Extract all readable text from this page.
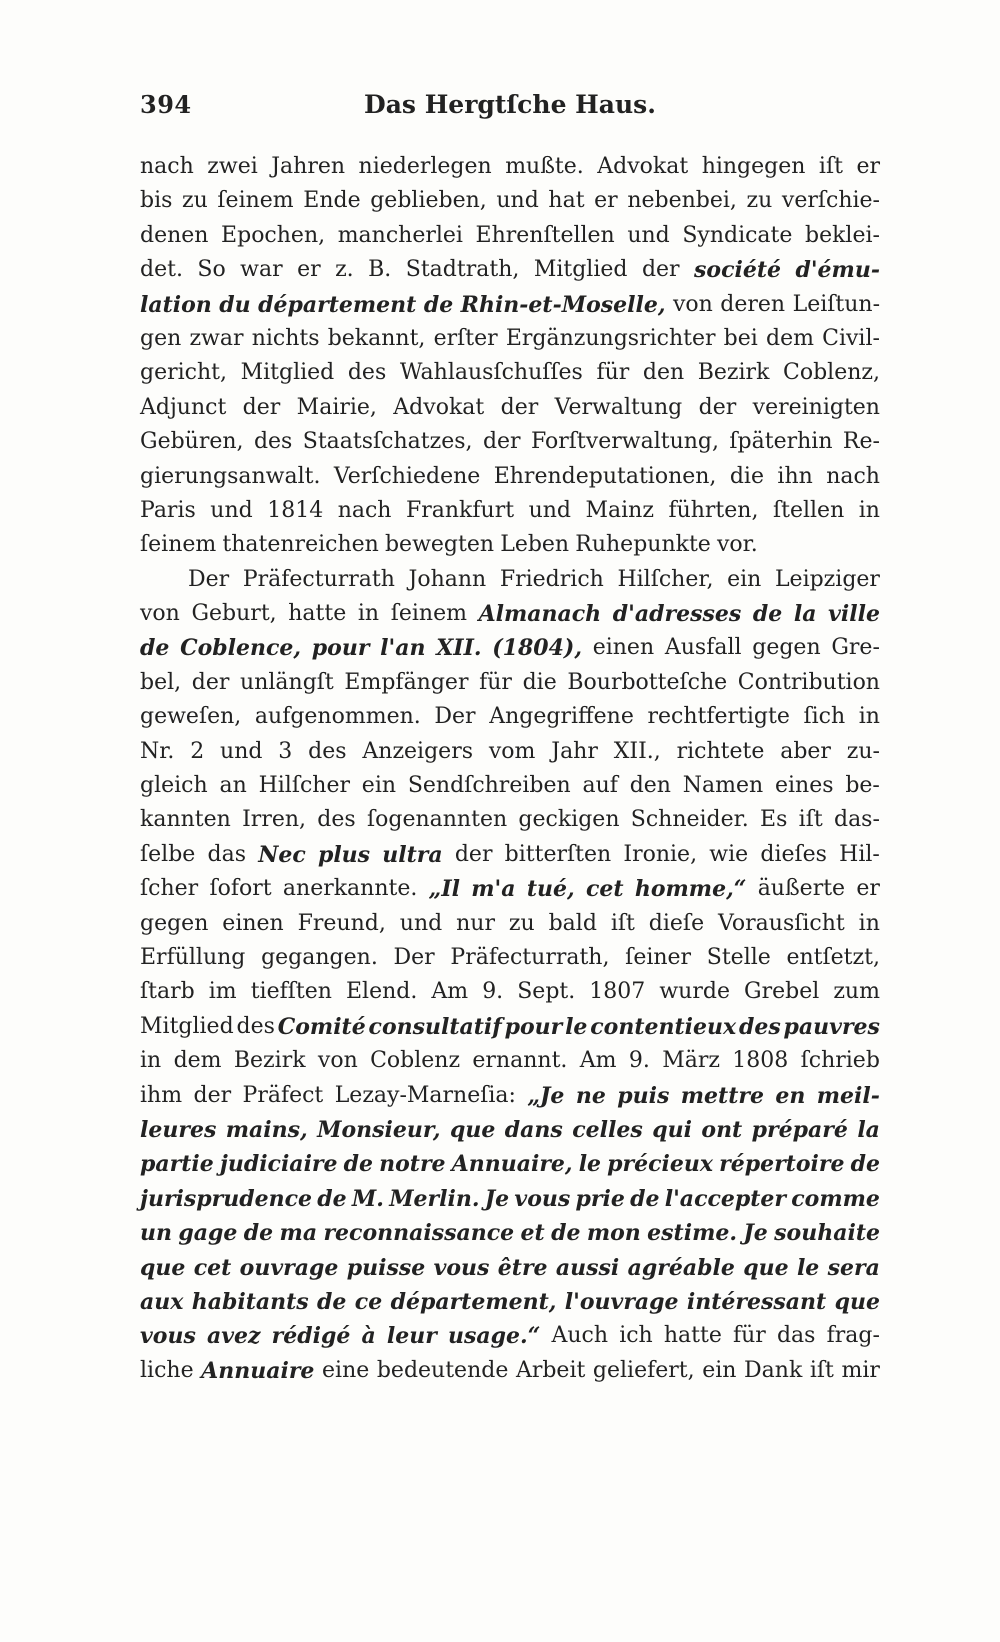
394	Das Hergtſche Haus.
nach zwei Jahren niederlegen mußte. Advokat hingegen iſt er
bis zu ſeinem Ende geblieben, und hat er nebenbei, zu verſchie-
denen Epochen, mancherlei Ehrenſtellen und Syndicate beklei-
det. So war er z. B. Stadtrath, Mitglied der société d'ému-
lation du département de Rhin-et-Moselle, von deren Leiſtun-
gen zwar nichts bekannt, erſter Ergänzungsrichter bei dem Civil-
gericht, Mitglied des Wahlausſchuſſes für den Bezirk Coblenz,
Adjunct der Mairie, Advokat der Verwaltung der vereinigten
Gebüren, des Staatsſchatzes, der Forſtverwaltung, ſpäterhin Re-
gierungsanwalt. Verſchiedene Ehrendeputationen, die ihn nach
Paris und 1814 nach Frankfurt und Mainz führten, ſtellen in
ſeinem thatenreichen bewegten Leben Ruhepunkte vor.
Der Präfecturrath Johann Friedrich Hilſcher, ein Leipziger
von Geburt, hatte in ſeinem Almanach d'adresses de la ville
de Coblence, pour l'an XII. (1804), einen Ausfall gegen Gre-
bel, der unlängſt Empfänger für die Bourbotteſche Contribution
geweſen, aufgenommen. Der Angegriffene rechtfertigte ſich in
Nr. 2 und 3 des Anzeigers vom Jahr XII., richtete aber zu-
gleich an Hilſcher ein Sendſchreiben auf den Namen eines be-
kannten Irren, des ſogenannten geckigen Schneider. Es iſt das-
ſelbe das Nec plus ultra der bitterſten Ironie, wie dieſes Hil-
ſcher ſofort anerkannte. „Il m'a tué, cet homme,“ äußerte er
gegen einen Freund, und nur zu bald iſt dieſe Vorausſicht in
Erfüllung gegangen. Der Präfecturrath, ſeiner Stelle entſetzt,
ſtarb im tiefſten Elend. Am 9. Sept. 1807 wurde Grebel zum
Mitglied des Comité consultatif pour le contentieux des pauvres
in dem Bezirk von Coblenz ernannt. Am 9. März 1808 ſchrieb
ihm der Präfect Lezay-Marneſia: „Je ne puis mettre en meil-
leures mains, Monsieur, que dans celles qui ont préparé la
partie judiciaire de notre Annuaire, le précieux répertoire de
jurisprudence de M. Merlin. Je vous prie de l'accepter comme
un gage de ma reconnaissance et de mon estime. Je souhaite
que cet ouvrage puisse vous être aussi agréable que le sera
aux habitants de ce département, l'ouvrage intéressant que
vous avez rédigé à leur usage.“ Auch ich hatte für das frag-
liche Annuaire eine bedeutende Arbeit geliefert, ein Dank iſt mir
